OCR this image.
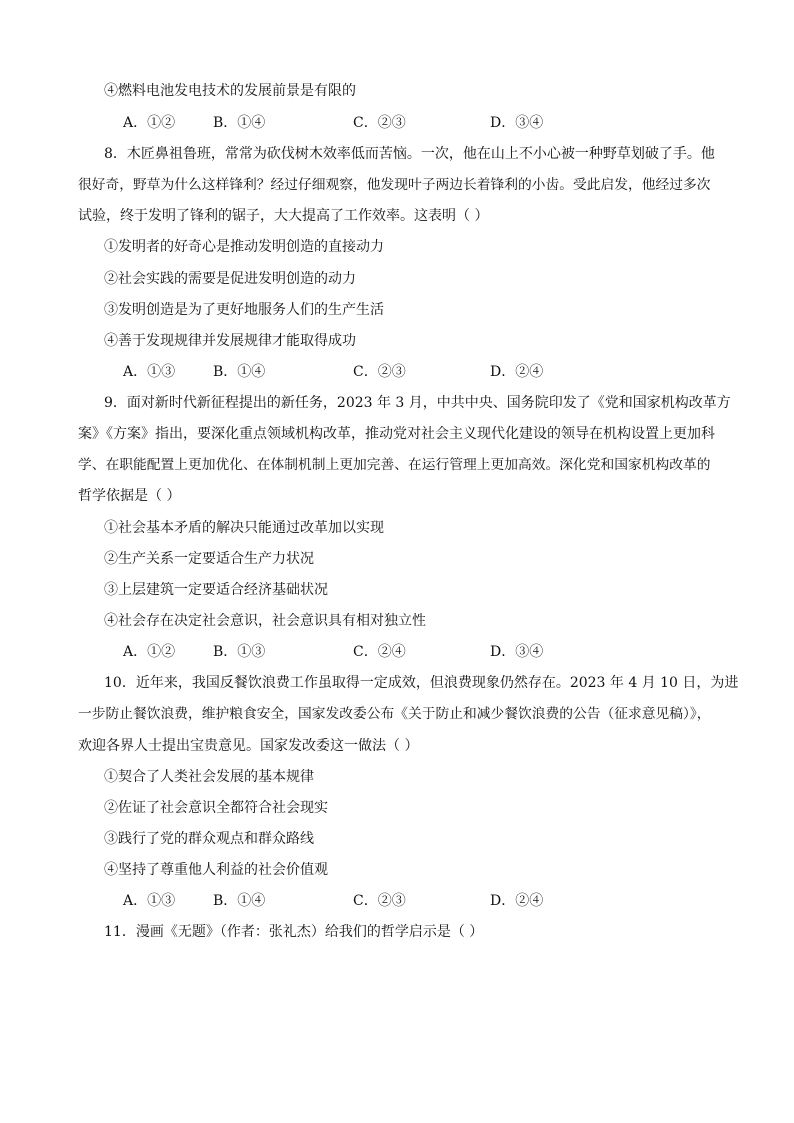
④燃料电池发电技术的发展前景是有限的
A．①②	B．①④	C．②③	D．③④
8．木匠鼻祖鲁班，常常为砍伐树木效率低而苦恼。一次，他在山上不小心被一种野草划破了手。他
很好奇，野草为什么这样锋利？经过仔细观察，他发现叶子两边长着锋利的小齿。受此启发，他经过多次
试验，终于发明了锋利的锯子，大大提高了工作效率。这表明（ ）
①发明者的好奇心是推动发明创造的直接动力
②社会实践的需要是促进发明创造的动力
③发明创造是为了更好地服务人们的生产生活
④善于发现规律并发展规律才能取得成功
A．①③	B．①④	C．②③	D．②④
9．面对新时代新征程提出的新任务，2023 年 3 月，中共中央、国务院印发了《党和国家机构改革方
案》《方案》指出，要深化重点领域机构改革，推动党对社会主义现代化建设的领导在机构设置上更加科
学、在职能配置上更加优化、在体制机制上更加完善、在运行管理上更加高效。深化党和国家机构改革的
哲学依据是（ ）
①社会基本矛盾的解决只能通过改革加以实现
②生产关系一定要适合生产力状况
③上层建筑一定要适合经济基础状况
④社会存在决定社会意识，社会意识具有相对独立性
A．①②	B．①③	C．②④	D．③④
10．近年来，我国反餐饮浪费工作虽取得一定成效，但浪费现象仍然存在。2023 年 4 月 10 日，为进
一步防止餐饮浪费，维护粮食安全，国家发改委公布《关于防止和减少餐饮浪费的公告（征求意见稿）》，
欢迎各界人士提出宝贵意见。国家发改委这一做法（ ）
①契合了人类社会发展的基本规律
②佐证了社会意识全都符合社会现实
③践行了党的群众观点和群众路线
④坚持了尊重他人利益的社会价值观
A．①③	B．①④	C．②③	D．②④
11．漫画《无题》（作者：张礼杰）给我们的哲学启示是（ ）
